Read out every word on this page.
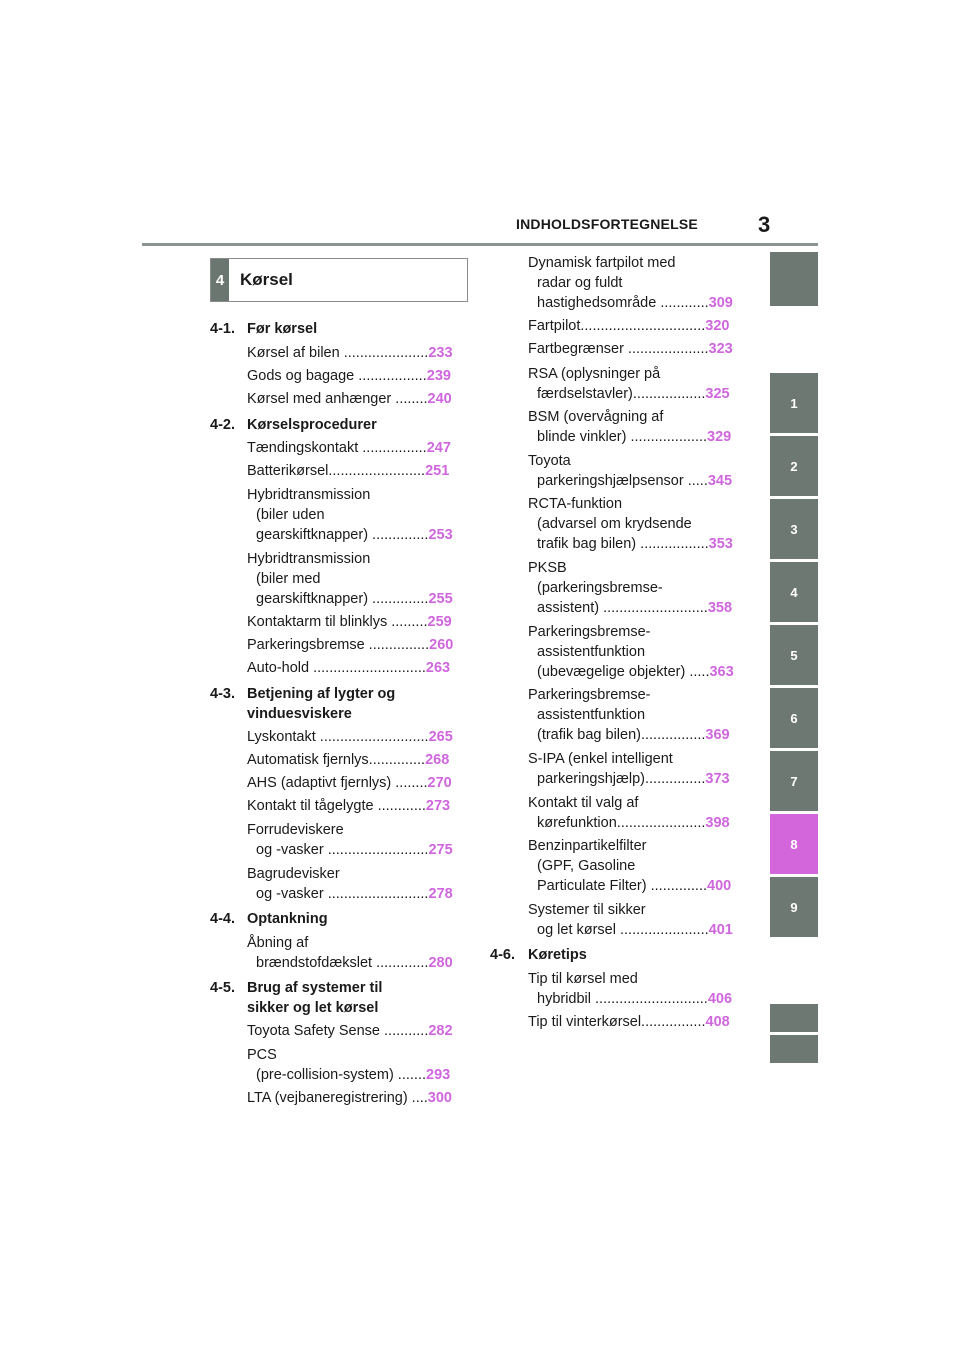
INDHOLDSFORTEGNELSE	3
4 Kørsel
4-1. Før kørsel
Kørsel af bilen .....................233
Gods og bagage .................239
Kørsel med anhænger ........240
4-2. Kørselsprocedurer
Tændingskontakt ................247
Batterikørsel........................251
Hybridtransmission
(biler uden
gearskiftknapper) ..............253
Hybridtransmission
(biler med
gearskiftknapper) ..............255
Kontaktarm til blinklys .........259
Parkeringsbremse ...............260
Auto-hold ............................263
4-3. Betjening af lygter og
vinduesviskere
Lyskontakt ...........................265
Automatisk fjernlys..............268
AHS (adaptivt fjernlys) ........270
Kontakt til tågelygte ............273
Forrudeviskere
og -vasker .........................275
Bagrudevisker
og -vasker .........................278
4-4. Optankning
Åbning af
brændstofdækslet .............280
4-5. Brug af systemer til
sikker og let kørsel
Toyota Safety Sense ...........282
PCS
(pre-collision-system) .......293
LTA (vejbaneregistrering) ....300
Dynamisk fartpilot med
radar og fuldt
hastighedsområde ............309
Fartpilot...............................320
Fartbegrænser ....................323
RSA (oplysninger på
færdselstavler)..................325
BSM (overvågning af
blinde vinkler) ...................329
Toyota
parkeringshjælpsensor .....345
RCTA-funktion
(advarsel om krydsende
trafik bag bilen) .................353
PKSB
(parkeringsbremse-
assistent) ..........................358
Parkeringsbremse-
assistentfunktion
(ubevægelige objekter) .....363
Parkeringsbremse-
assistentfunktion
(trafik bag bilen)................369
S-IPA (enkel intelligent
parkeringshjælp)...............373
Kontakt til valg af
kørefunktion......................398
Benzinpartikelfilter
(GPF, Gasoline
Particulate Filter) ..............400
Systemer til sikker
og let kørsel ......................401
4-6. Køretips
Tip til kørsel med
hybridbil ............................406
Tip til vinterkørsel................408
1
2
3
4
5
6
7
8
9
